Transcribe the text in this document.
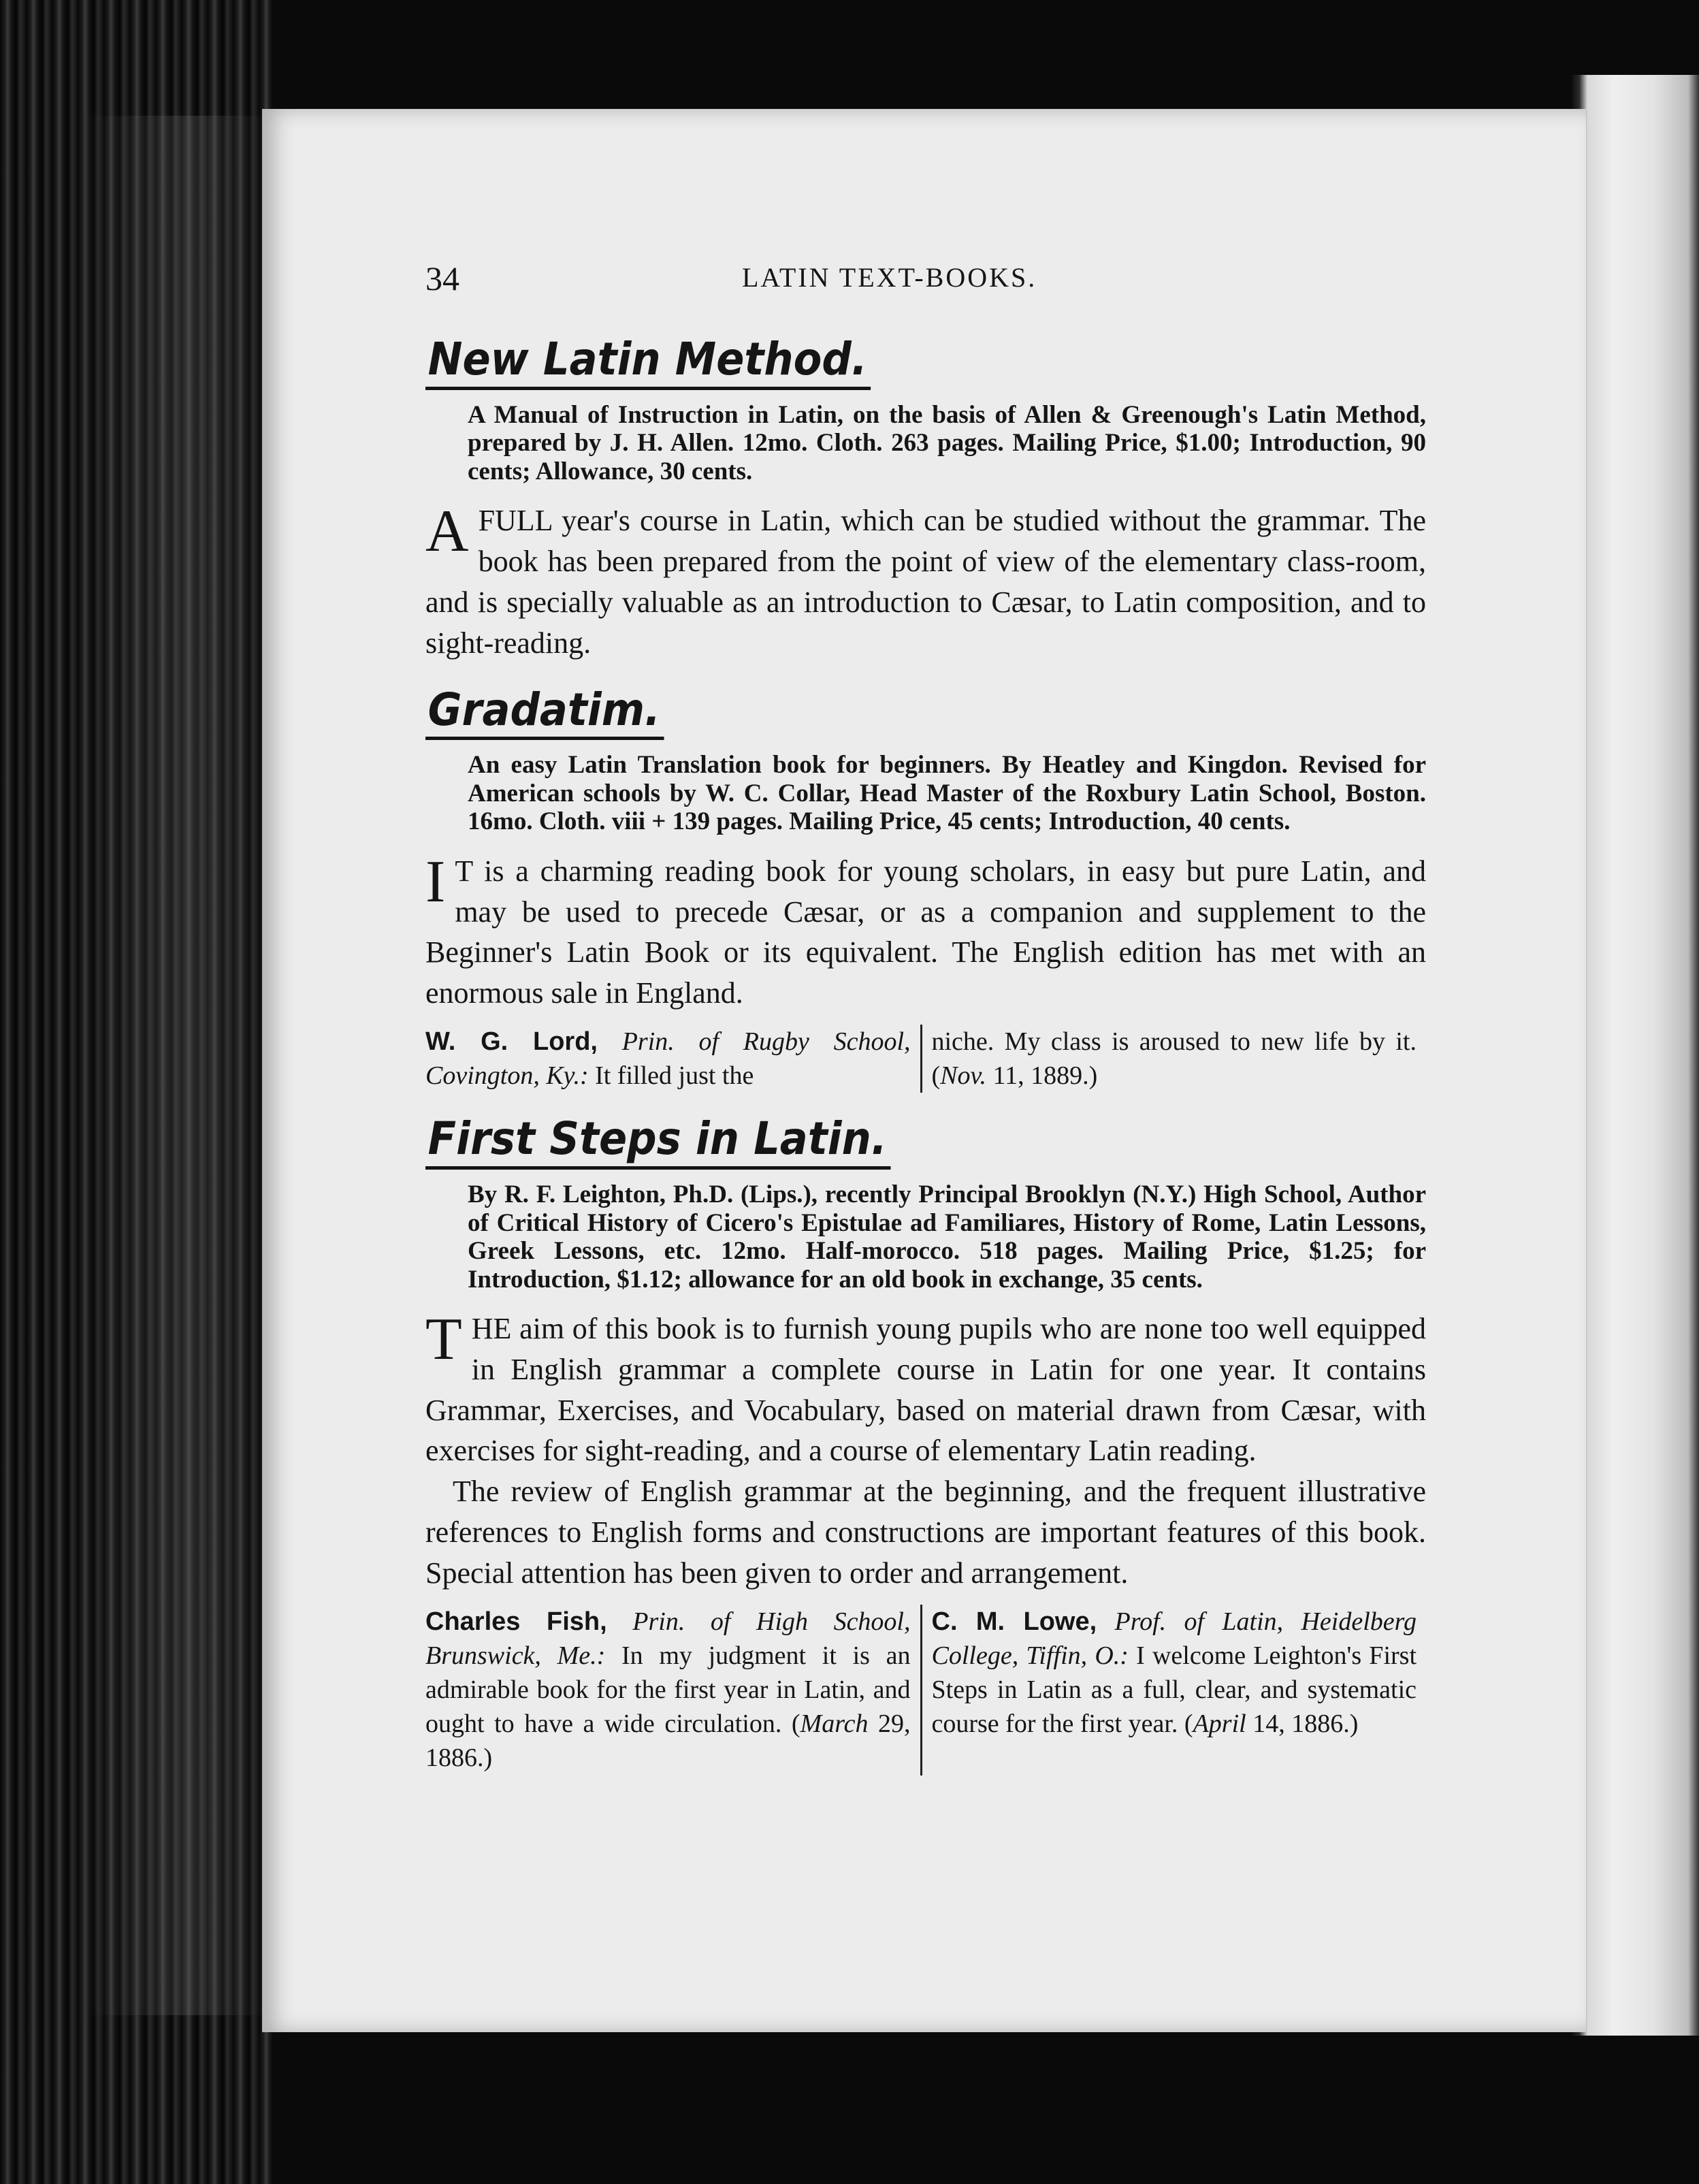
34	LATIN TEXT-BOOKS.
New Latin Method.
A Manual of Instruction in Latin, on the basis of Allen & Greenough's Latin Method, prepared by J. H. Allen. 12mo. Cloth. 263 pages. Mailing Price, $1.00; Introduction, 90 cents; Allowance, 30 cents.
A FULL year's course in Latin, which can be studied without the grammar. The book has been prepared from the point of view of the elementary class-room, and is specially valuable as an introduction to Cæsar, to Latin composition, and to sight-reading.

Gradatim.
An easy Latin Translation book for beginners. By Heatley and Kingdon. Revised for American schools by W. C. Collar, Head Master of the Roxbury Latin School, Boston. 16mo. Cloth. viii + 139 pages. Mailing Price, 45 cents; Introduction, 40 cents.
I T is a charming reading book for young scholars, in easy but pure Latin, and may be used to precede Cæsar, or as a companion and supplement to the Beginner's Latin Book or its equivalent. The English edition has met with an enormous sale in England.

W. G. Lord, Prin. of Rugby School, Covington, Ky.: It filled just the
niche. My class is aroused to new life by it. (Nov. 11, 1889.)
First Steps in Latin.
By R. F. Leighton, Ph.D. (Lips.), recently Principal Brooklyn (N.Y.) High School, Author of Critical History of Cicero's Epistulae ad Familiares, History of Rome, Latin Lessons, Greek Lessons, etc. 12mo. Half-morocco. 518 pages. Mailing Price, $1.25; for Introduction, $1.12; allowance for an old book in exchange, 35 cents.
T HE aim of this book is to furnish young pupils who are none too well equipped in English grammar a complete course in Latin for one year. It contains Grammar, Exercises, and Vocabulary, based on material drawn from Cæsar, with exercises for sight-reading, and a course of elementary Latin reading.

The review of English grammar at the beginning, and the frequent illustrative references to English forms and constructions are important features of this book. Special attention has been given to order and arrangement.

Charles Fish, Prin. of High School, Brunswick, Me.: In my judgment it is an admirable book for the first year in Latin, and ought to have a wide circulation. (March 29, 1886.)
C. M. Lowe, Prof. of Latin, Heidelberg College, Tiffin, O.: I welcome Leighton's First Steps in Latin as a full, clear, and systematic course for the first year. (April 14, 1886.)
